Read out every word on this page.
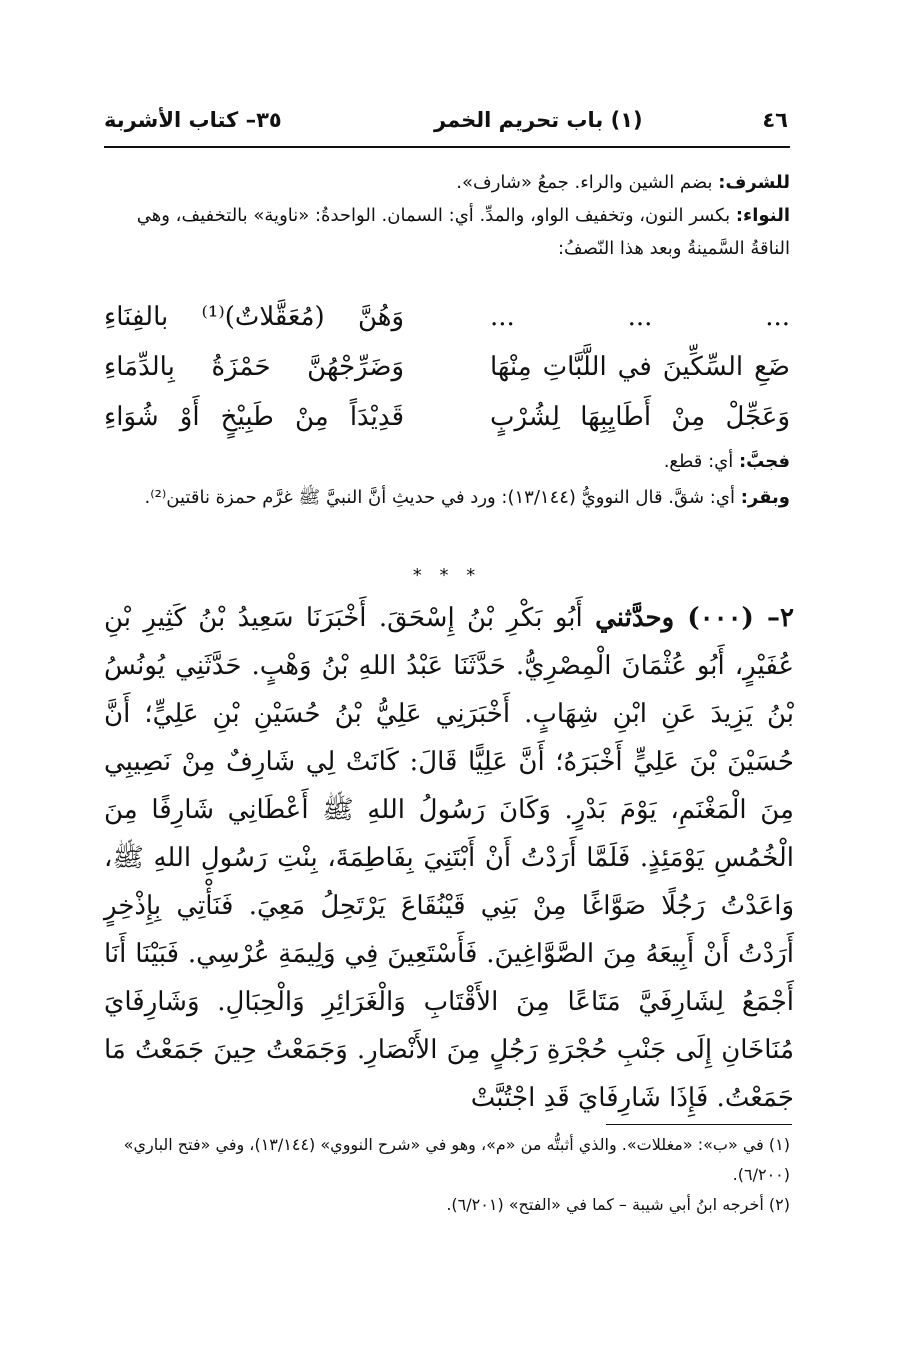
٤٦
(١) باب تحريم الخمر
٣٥– كتاب الأشربة

للشرف: بضم الشين والراء. جمعُ «شارف».

النواء: بكسر النون، وتخفيف الواو، والمدِّ. أي: السمان. الواحدةُ: «ناوية» بالتخفيف، وهي الناقةُ السَّمينةُ وبعد هذا النّصفُ:

... ... ...
وَهُنَّ (مُعَقَّلاتٌ)⁽¹⁾ بالفِنَاءِ
ضَعِ السِّكِّينَ في اللَّبَّاتِ مِنْهَا
وَضَرِّجْهُنَّ حَمْزَةُ بِالدِّمَاءِ
وَعَجِّلْ مِنْ أَطَايِبِهَا لِشُرْبٍ
قَدِيْدَاً مِنْ طَبِيْخٍ أَوْ شُوَاءِ

فجبَّ: أي: قطع.

وبقر: أي: شقَّ. قال النوويُّ (١٣/١٤٤): ورد في حديثِ أنَّ النبيَّ ﷺ غرَّم حمزة ناقتين⁽²⁾.

* * *
٢– (٠٠٠) وحدَّثني أَبُو بَكْرِ بْنُ إِسْحَقَ. أَخْبَرَنَا سَعِيدُ بْنُ كَثِيرِ بْنِ عُفَيْرٍ، أَبُو عُثْمَانَ الْمِصْرِيُّ. حَدَّثَنَا عَبْدُ اللهِ بْنُ وَهْبٍ. حَدَّثَنِي يُونُسُ بْنُ يَزِيدَ عَنِ ابْنِ شِهَابٍ. أَخْبَرَنِي عَلِيُّ بْنُ حُسَيْنِ بْنِ عَلِيٍّ؛ أَنَّ حُسَيْنَ بْنَ عَلِيٍّ أَخْبَرَهُ؛ أَنَّ عَلِيًّا قَالَ: كَانَتْ لِي شَارِفٌ مِنْ نَصِيبِي مِنَ الْمَغْنَمِ، يَوْمَ بَدْرٍ. وَكَانَ رَسُولُ اللهِ ﷺ أَعْطَانِي شَارِفًا مِنَ الْخُمُسِ يَوْمَئِذٍ. فَلَمَّا أَرَدْتُ أَنْ أَبْتَنِيَ بِفَاطِمَةَ، بِنْتِ رَسُولِ اللهِ ﷺ، وَاعَدْتُ رَجُلًا صَوَّاغًا مِنْ بَنِي قَيْنُقَاعَ يَرْتَحِلُ مَعِيَ. فَنَأْتِي بِإِذْخِرٍ أَرَدْتُ أَنْ أَبِيعَهُ مِنَ الصَّوَّاغِينَ. فَأَسْتَعِينَ فِي وَلِيمَةِ عُرْسِي. فَبَيْنَا أَنَا أَجْمَعُ لِشَارِفَيَّ مَتَاعًا مِنَ الأَقْتَابِ وَالْغَرَائِرِ وَالْحِبَالِ. وَشَارِفَايَ مُنَاخَانِ إِلَى جَنْبِ حُجْرَةِ رَجُلٍ مِنَ الأَنْصَارِ. وَجَمَعْتُ حِينَ جَمَعْتُ مَا جَمَعْتُ. فَإِذَا شَارِفَايَ قَدِ اجْتُبَّتْ

(١) في «ب»: «مغللات». والذي أثبتُّه من «م»، وهو في «شرح النووي» (١٣/١٤٤)، وفي «فتح الباري» (٦/٢٠٠).

(٢) أخرجه ابنُ أبي شيبة – كما في «الفتح» (٦/٢٠١).
